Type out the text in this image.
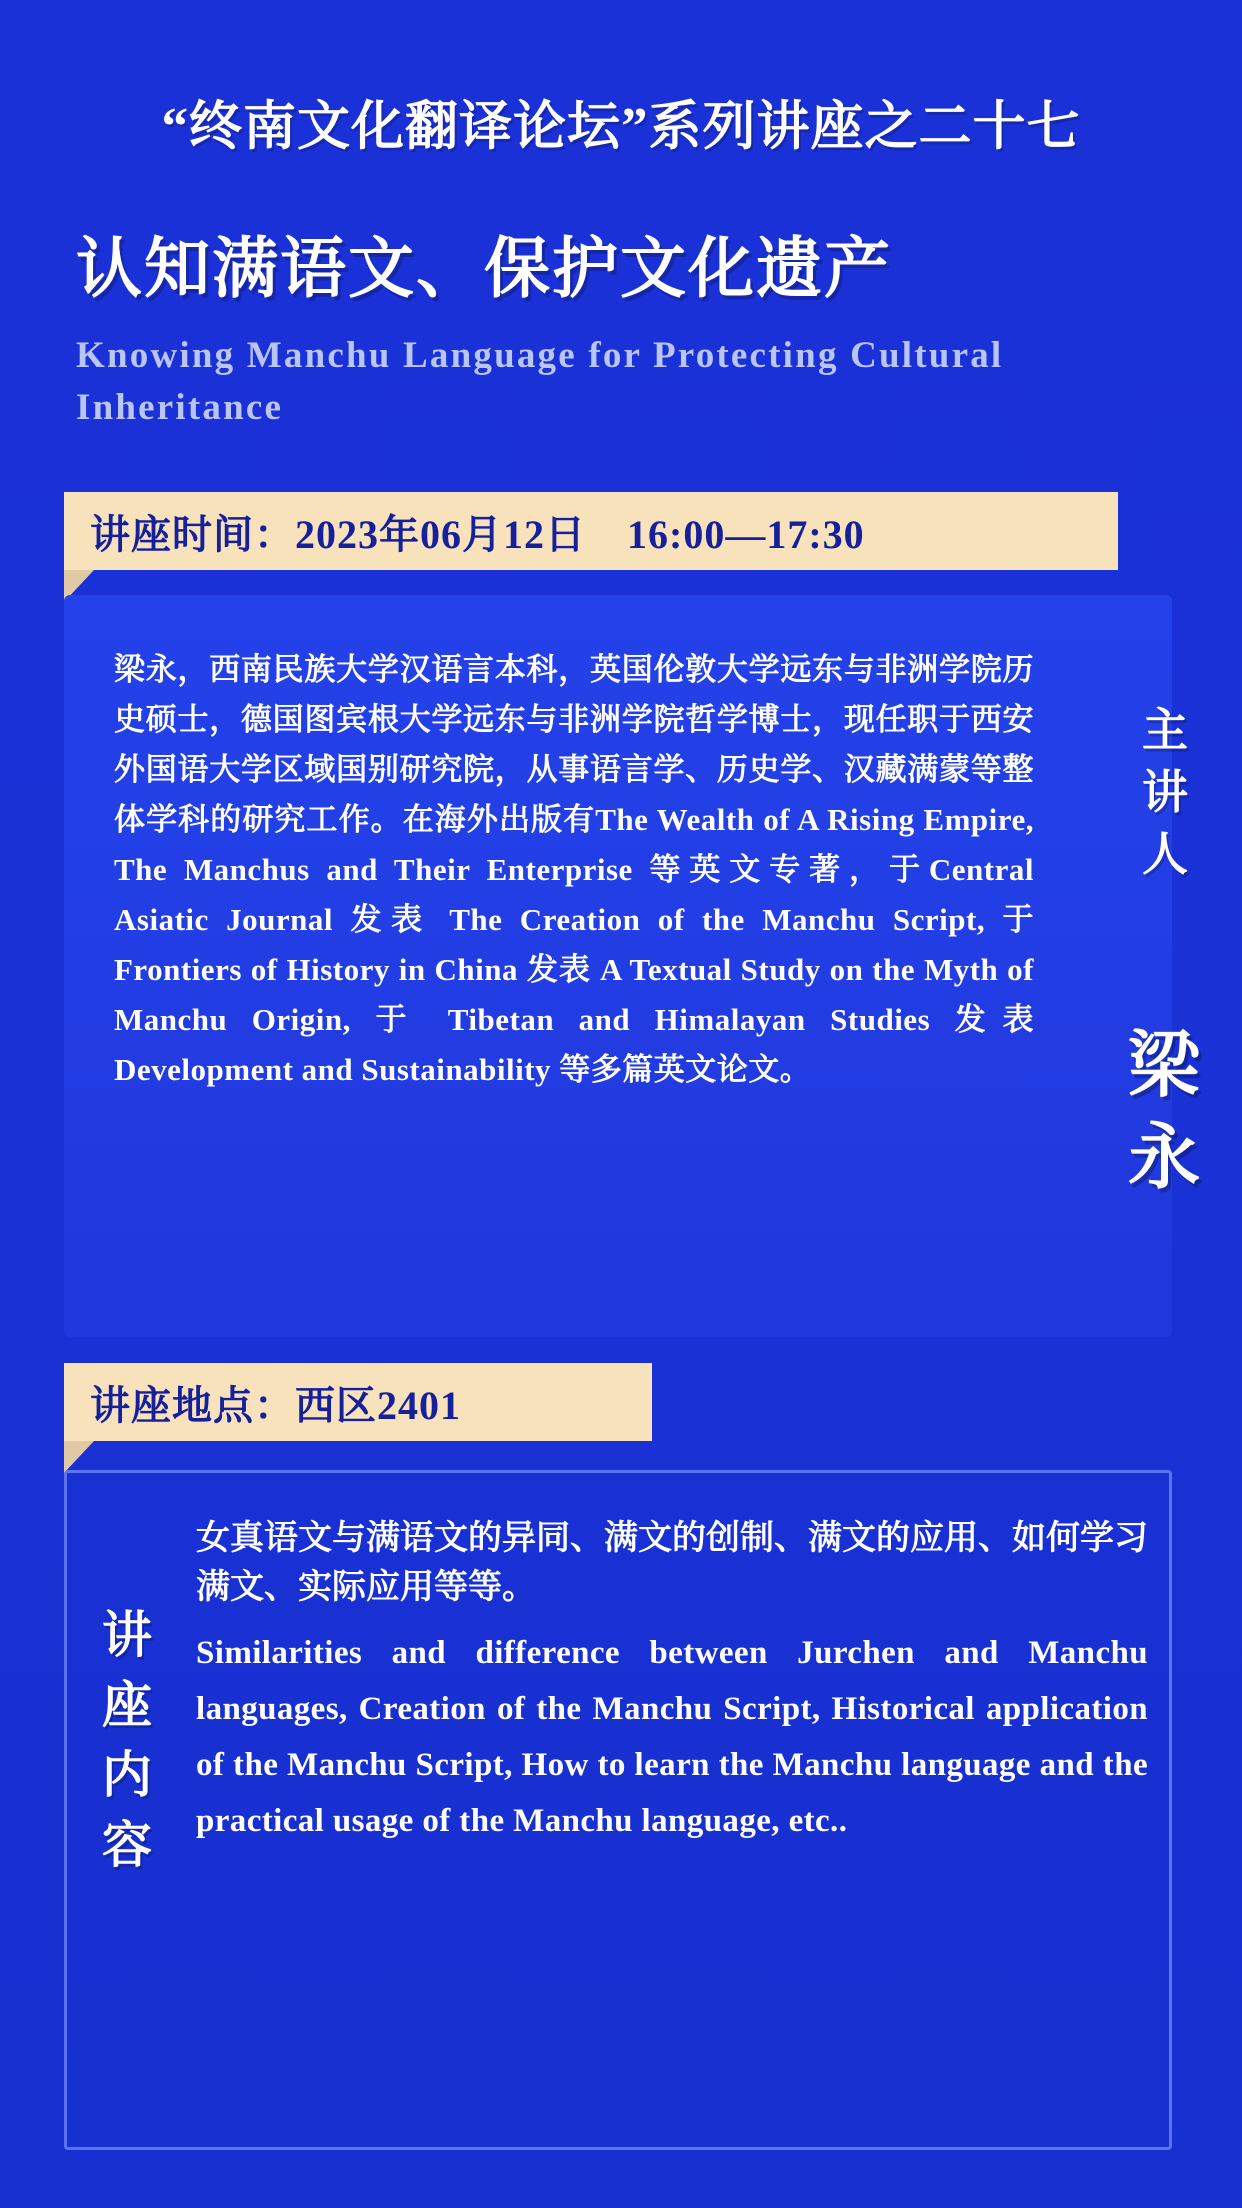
“终南文化翻译论坛”系列讲座之二十七
认知满语文、保护文化遗产
Knowing Manchu Language for Protecting Cultural Inheritance
讲座时间：2023年06月12日　16:00—17:30
梁永，西南民族大学汉语言本科，英国伦敦大学远东与非洲学院历史硕士，德国图宾根大学远东与非洲学院哲学博士，现任职于西安外国语大学区域国别研究院，从事语言学、历史学、汉藏满蒙等整体学科的研究工作。在海外出版有The Wealth of A Rising Empire, The Manchus and Their Enterprise 等英文专著，于Central Asiatic Journal 发表 The Creation of the Manchu Script, 于 Frontiers of History in China 发表 A Textual Study on the Myth of Manchu Origin, 于 Tibetan and Himalayan Studies 发表 Development and Sustainability 等多篇英文论文。
主
讲
人
梁
永
讲座地点：西区2401
讲
座
内
容
女真语文与满语文的异同、满文的创制、满文的应用、如何学习满文、实际应用等等。
Similarities and difference between Jurchen and Manchu languages, Creation of the Manchu Script, Historical application of the Manchu Script, How to learn the Manchu language and the practical usage of the Manchu language, etc..
